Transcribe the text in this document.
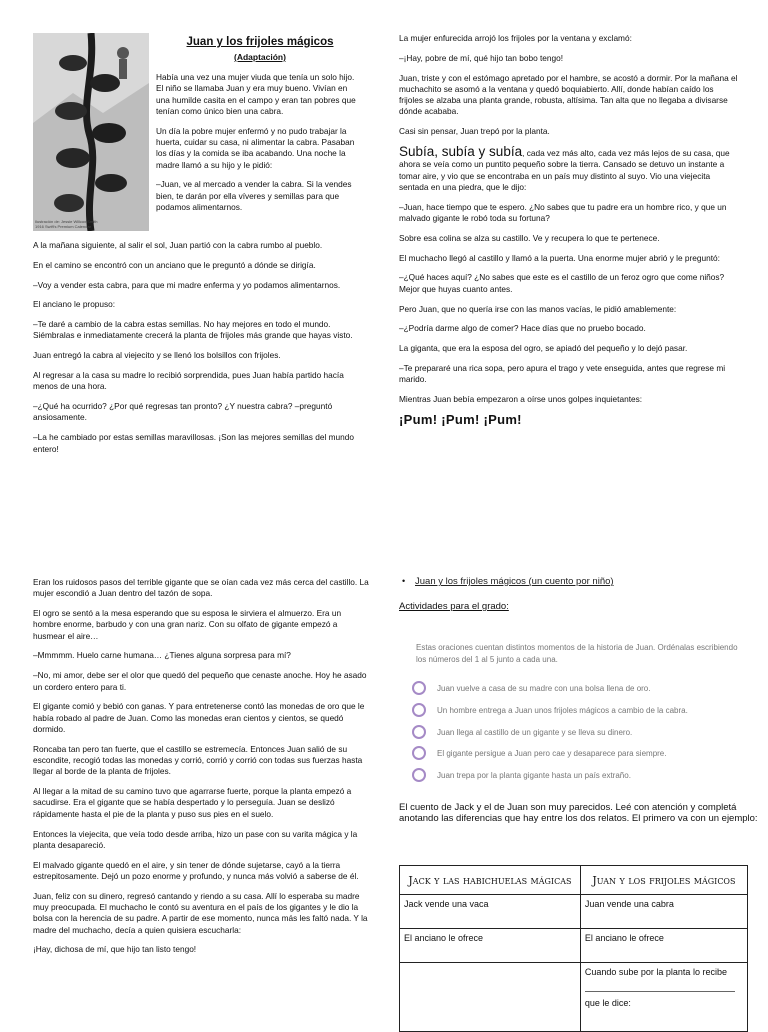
Ilustración de: Jessie Willcox Smith 1916 Swift's Premium Calendar
Juan y los frijoles mágicos
(Adaptación)

Había una vez una mujer viuda que tenía un solo hijo. El niño se llamaba Juan y era muy bueno. Vivían en una humilde casita en el campo y eran tan pobres que tenían como único bien una cabra.

Un día la pobre mujer enfermó y no pudo trabajar la huerta, cuidar su casa, ni alimentar la cabra. Pasaban los días y la comida se iba acabando. Una noche la madre llamó a su hijo y le pidió:

–Juan, ve al mercado a vender la cabra. Si la vendes bien, te darán por ella víveres y semillas para que podamos alimentarnos.

A la mañana siguiente, al salir el sol, Juan partió con la cabra rumbo al pueblo.

En el camino se encontró con un anciano que le preguntó a dónde se dirigía.

–Voy a vender esta cabra, para que mi madre enferma y yo podamos alimentarnos.

El anciano le propuso:

–Te daré a cambio de la cabra estas semillas. No hay mejores en todo el mundo. Siémbralas e inmediatamente crecerá la planta de frijoles más grande que hayas visto.

Juan entregó la cabra al viejecito y se llenó los bolsillos con frijoles.

Al regresar a la casa su madre lo recibió sorprendida, pues Juan había partido hacía menos de una hora.

–¿Qué ha ocurrido? ¿Por qué regresas tan pronto? ¿Y nuestra cabra? –preguntó ansiosamente.

–La he cambiado por estas semillas maravillosas. ¡Son las mejores semillas del mundo entero!

La mujer enfurecida arrojó los frijoles por la ventana y exclamó:

–¡Hay, pobre de mí, qué hijo tan bobo tengo!

Juan, triste y con el estómago apretado por el hambre, se acostó a dormir. Por la mañana el muchachito se asomó a la ventana y quedó boquiabierto. Allí, donde habían caído los frijoles se alzaba una planta grande, robusta, altísima. Tan alta que no llegaba a divisarse dónde acababa.

Casi sin pensar, Juan trepó por la planta.

Subía, subía y subía, cada vez más alto, cada vez más lejos de su casa, que ahora se veía como un puntito pequeño sobre la tierra. Cansado se detuvo un instante a tomar aire, y vio que se encontraba en un país muy distinto al suyo. Vio una viejecita sentada en una piedra, que le dijo:

–Juan, hace tiempo que te espero. ¿No sabes que tu padre era un hombre rico, y que un malvado gigante le robó toda su fortuna?

Sobre esa colina se alza su castillo. Ve y recupera lo que te pertenece.

El muchacho llegó al castillo y llamó a la puerta. Una enorme mujer abrió y le preguntó:

–¿Qué haces aquí? ¿No sabes que este es el castillo de un feroz ogro que come niños? Mejor que huyas cuanto antes.

Pero Juan, que no quería irse con las manos vacías, le pidió amablemente:

–¿Podría darme algo de comer? Hace días que no pruebo bocado.

La giganta, que era la esposa del ogro, se apiadó del pequeño y lo dejó pasar.

–Te prepararé una rica sopa, pero apura el trago y vete enseguida, antes que regrese mi marido.

Mientras Juan bebía empezaron a oírse unos golpes inquietantes:

¡Pum! ¡Pum! ¡Pum!

Eran los ruidosos pasos del terrible gigante que se oían cada vez más cerca del castillo. La mujer escondió a Juan dentro del tazón de sopa.

El ogro se sentó a la mesa esperando que su esposa le sirviera el almuerzo. Era un hombre enorme, barbudo y con una gran nariz. Con su olfato de gigante empezó a husmear el aire…

–Mmmmm. Huelo carne humana… ¿Tienes alguna sorpresa para mí?

–No, mi amor, debe ser el olor que quedó del pequeño que cenaste anoche. Hoy he asado un cordero entero para ti.

El gigante comió y bebió con ganas. Y para entretenerse contó las monedas de oro que le había robado al padre de Juan. Como las monedas eran cientos y cientos, se quedó dormido.

Roncaba tan pero tan fuerte, que el castillo se estremecía. Entonces Juan salió de su escondite, recogió todas las monedas y corrió, corrió y corrió con todas sus fuerzas hasta llegar al borde de la planta de frijoles.

Al llegar a la mitad de su camino tuvo que agarrarse fuerte, porque la planta empezó a sacudirse. Era el gigante que se había despertado y lo perseguía. Juan se deslizó rápidamente hasta el pie de la planta y puso sus pies en el suelo.

Entonces la viejecita, que veía todo desde arriba, hizo un pase con su varita mágica y la planta desapareció.

El malvado gigante quedó en el aire, y sin tener de dónde sujetarse, cayó a la tierra estrepitosamente. Dejó un pozo enorme y profundo, y nunca más volvió a saberse de él.

Juan, feliz con su dinero, regresó cantando y riendo a su casa. Allí lo esperaba su madre muy preocupada. El muchacho le contó su aventura en el país de los gigantes y le dio la bolsa con la herencia de su padre. A partir de ese momento, nunca más les faltó nada. Y la madre del muchacho, decía a quien quisiera escucharla:

¡Hay, dichosa de mí, que hijo tan listo tengo!

• Juan y los frijoles mágicos (un cuento por niño)
Actividades para el grado:
Estas oraciones cuentan distintos momentos de la historia de Juan. Ordénalas escribiendo los números del 1 al 5 junto a cada una.
Juan vuelve a casa de su madre con una bolsa llena de oro.
Un hombre entrega a Juan unos frijoles mágicos a cambio de la cabra.
Juan llega al castillo de un gigante y se lleva su dinero.
El gigante persigue a Juan pero cae y desaparece para siempre.
Juan trepa por la planta gigante hasta un país extraño.
El cuento de Jack y el de Juan son muy parecidos. Leé con atención y completá anotando las diferencias que hay entre los dos relatos. El primero va con un ejemplo:
Jack y las habichuelas mágicas	Juan y los frijoles mágicos
Jack vende una vaca	Juan vende una cabra
El anciano le ofrece	El anciano le ofrece

	Cuando sube por la planta lo recibe
que le dice:
